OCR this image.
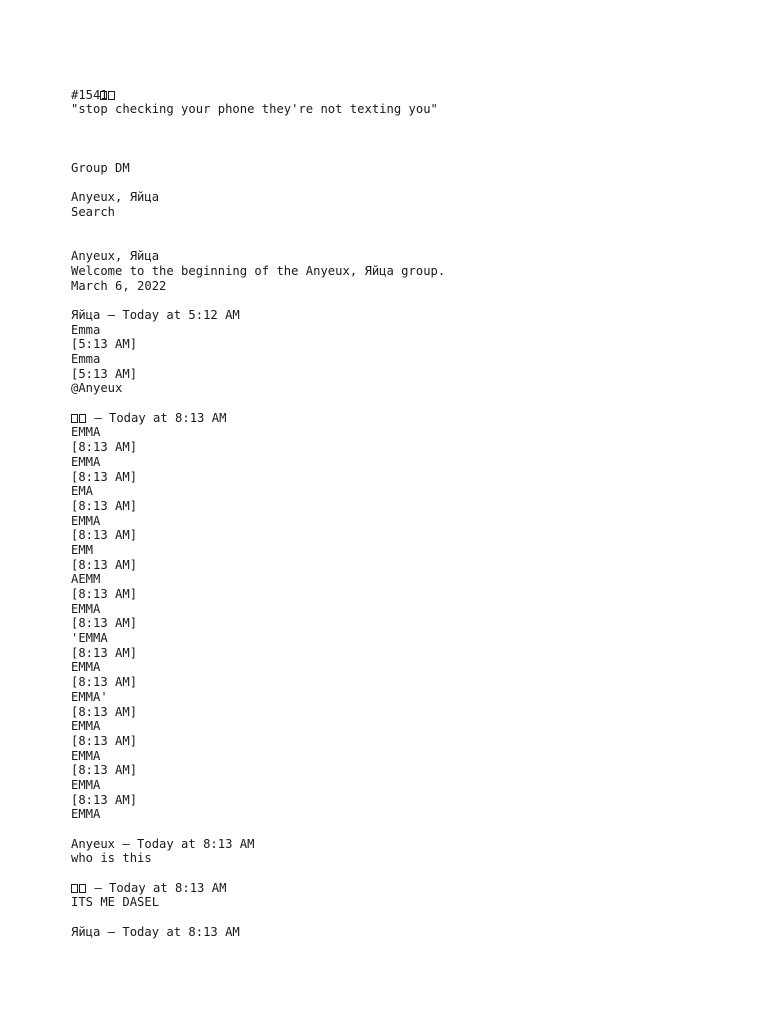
#1541
"stop checking your phone they're not texting you"
Group DM
Anyeux, Яйца
Search
Anyeux, Яйца
Welcome to the beginning of the Anyeux, Яйца group.
March 6, 2022
Яйца — Today at 5:12 AM
Emma
[5:13 AM]
Emma
[5:13 AM]
@Anyeux
— Today at 8:13 AM
EMMA
[8:13 AM]
EMMA
[8:13 AM]
EMA
[8:13 AM]
EMMA
[8:13 AM]
EMM
[8:13 AM]
AEMM
[8:13 AM]
EMMA
[8:13 AM]
'EMMA
[8:13 AM]
EMMA
[8:13 AM]
EMMA'
[8:13 AM]
EMMA
[8:13 AM]
EMMA
[8:13 AM]
EMMA
[8:13 AM]
EMMA
Anyeux — Today at 8:13 AM
who is this
— Today at 8:13 AM
ITS ME DASEL
Яйца — Today at 8:13 AM
